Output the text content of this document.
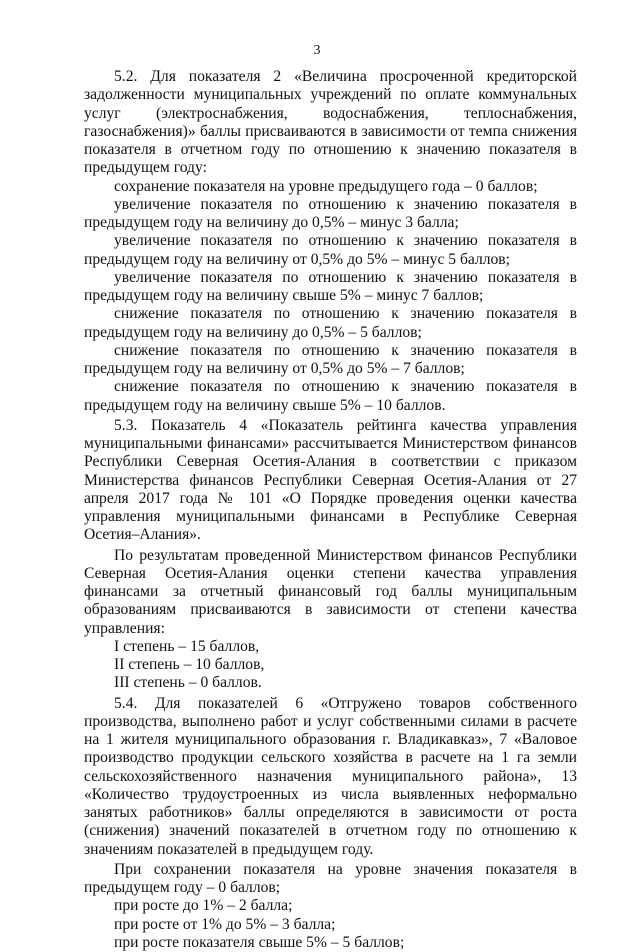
3

5.2. Для показателя 2 «Величина просроченной кредиторской задолженности муниципальных учреждений по оплате коммунальных услуг (электроснабжения, водоснабжения, теплоснабжения, газоснабжения)» баллы присваиваются в зависимости от темпа снижения показателя в отчетном году по отношению к значению показателя в предыдущем году:

сохранение показателя на уровне предыдущего года – 0 баллов;

увеличение показателя по отношению к значению показателя в предыдущем году на величину до 0,5% – минус 3 балла;

увеличение показателя по отношению к значению показателя в предыдущем году на величину от 0,5% до 5% – минус 5 баллов;

увеличение показателя по отношению к значению показателя в предыдущем году на величину свыше 5% – минус 7 баллов;

снижение показателя по отношению к значению показателя в предыдущем году на величину до 0,5% – 5 баллов;

снижение показателя по отношению к значению показателя в предыдущем году на величину от 0,5% до 5% – 7 баллов;

снижение показателя по отношению к значению показателя в предыдущем году на величину свыше 5% – 10 баллов.

5.3. Показатель 4 «Показатель рейтинга качества управления муниципальными финансами» рассчитывается Министерством финансов Республики Северная Осетия-Алания в соответствии с приказом Министерства финансов Республики Северная Осетия-Алания от 27 апреля 2017 года № 101 «О Порядке проведения оценки качества управления муниципальными финансами в Республике Северная Осетия–Алания».

По результатам проведенной Министерством финансов Республики Северная Осетия-Алания оценки степени качества управления финансами за отчетный финансовый год баллы муниципальным образованиям присваиваются в зависимости от степени качества управления:

I степень – 15 баллов,

II степень – 10 баллов,

III степень – 0 баллов.

5.4. Для показателей 6 «Отгружено товаров собственного производства, выполнено работ и услуг собственными силами в расчете на 1 жителя муниципального образования г. Владикавказ», 7 «Валовое производство продукции сельского хозяйства в расчете на 1 га земли сельскохозяйственного назначения муниципального района», 13 «Количество трудоустроенных из числа выявленных неформально занятых работников» баллы определяются в зависимости от роста (снижения) значений показателей в отчетном году по отношению к значениям показателей в предыдущем году.

При сохранении показателя на уровне значения показателя в предыдущем году – 0 баллов;

при росте до 1% – 2 балла;

при росте от 1% до 5% – 3 балла;

при росте показателя свыше 5% – 5 баллов;
